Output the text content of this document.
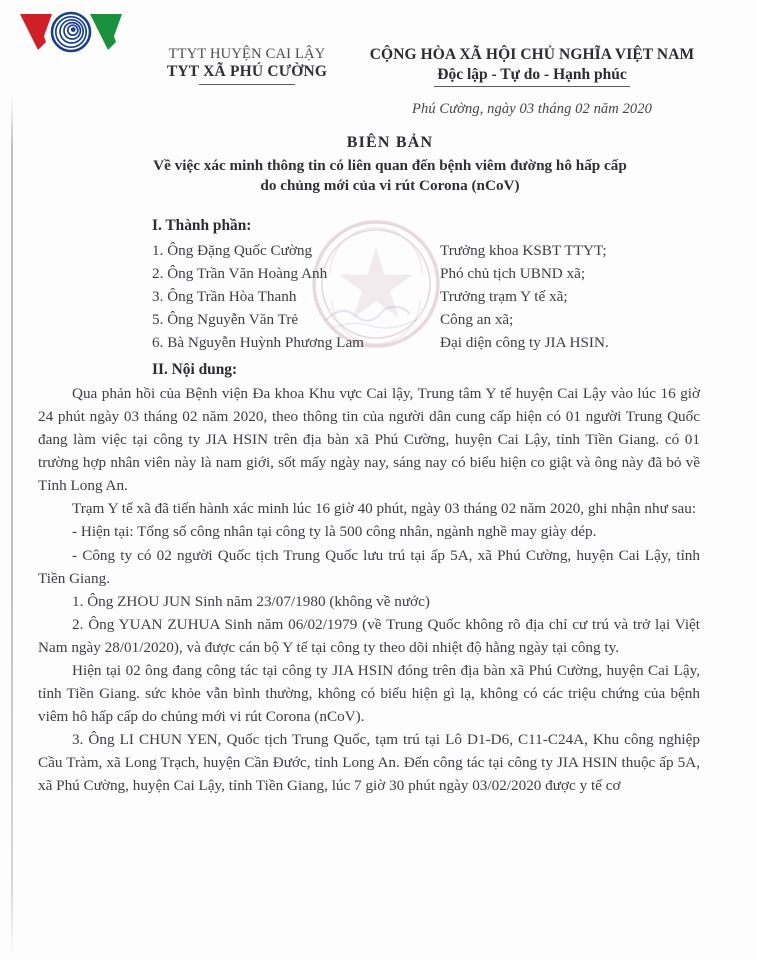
TTYT HUYỆN CAI LẬY
TYT XÃ PHÚ CƯỜNG
CỘNG HÒA XÃ HỘI CHỦ NGHĨA VIỆT NAM
Độc lập - Tự do - Hạnh phúc
Phú Cường, ngày 03 tháng 02 năm 2020
BIÊN BẢN
Về việc xác minh thông tin có liên quan đến bệnh viêm đường hô hấp cấp
do chủng mới của vi rút Corona (nCoV)

I. Thành phần:
1. Ông Đặng Quốc Cường	Trưởng khoa KSBT TTYT;
2. Ông Trần Văn Hoàng Anh	Phó chủ tịch UBND xã;
3. Ông Trần Hòa Thanh	Trưởng trạm Y tế xã;
5. Ông Nguyễn Văn Trẻ	Công an xã;
6. Bà Nguyễn Huỳnh Phương Lam	Đại diện công ty JIA HSIN.
II. Nội dung:

Qua phản hồi của Bệnh viện Đa khoa Khu vực Cai lậy, Trung tâm Y tế huyện Cai Lậy vào lúc 16 giờ 24 phút ngày 03 tháng 02 năm 2020, theo thông tin của người dân cung cấp hiện có 01 người Trung Quốc đang làm việc tại công ty JIA HSIN trên địa bàn xã Phú Cường, huyện Cai Lậy, tỉnh Tiền Giang. có 01 trường hợp nhân viên này là nam giới, sốt mấy ngày nay, sáng nay có biểu hiện co giật và ông này đã bỏ về Tỉnh Long An.

Trạm Y tế xã đã tiến hành xác minh lúc 16 giờ 40 phút, ngày 03 tháng 02 năm 2020, ghi nhận như sau:

- Hiện tại: Tổng số công nhân tại công ty là 500 công nhân, ngành nghề may giày dép.

- Công ty có 02 người Quốc tịch Trung Quốc lưu trú tại ấp 5A, xã Phú Cường, huyện Cai Lậy, tỉnh Tiền Giang.

1. Ông ZHOU JUN Sinh năm 23/07/1980 (không về nước)

2. Ông YUAN ZUHUA Sinh năm 06/02/1979 (về Trung Quốc không rõ địa chỉ cư trú và trở lại Việt Nam ngày 28/01/2020), và được cán bộ Y tế tại công ty theo dõi nhiệt độ hằng ngày tại công ty.

Hiện tại 02 ông đang công tác tại công ty JIA HSIN đóng trên địa bàn xã Phú Cường, huyện Cai Lậy, tỉnh Tiền Giang. sức khỏe vẫn bình thường, không có biểu hiện gì lạ, không có các triệu chứng của bệnh viêm hô hấp cấp do chủng mới vi rút Corona (nCoV).

3. Ông LI CHUN YEN, Quốc tịch Trung Quốc, tạm trú tại Lô D1-D6, C11-C24A, Khu công nghiệp Cầu Tràm, xã Long Trạch, huyện Cần Đước, tỉnh Long An. Đến công tác tại công ty JIA HSIN thuộc ấp 5A, xã Phú Cường, huyện Cai Lậy, tỉnh Tiền Giang, lúc 7 giờ 30 phút ngày 03/02/2020 được y tế cơ
